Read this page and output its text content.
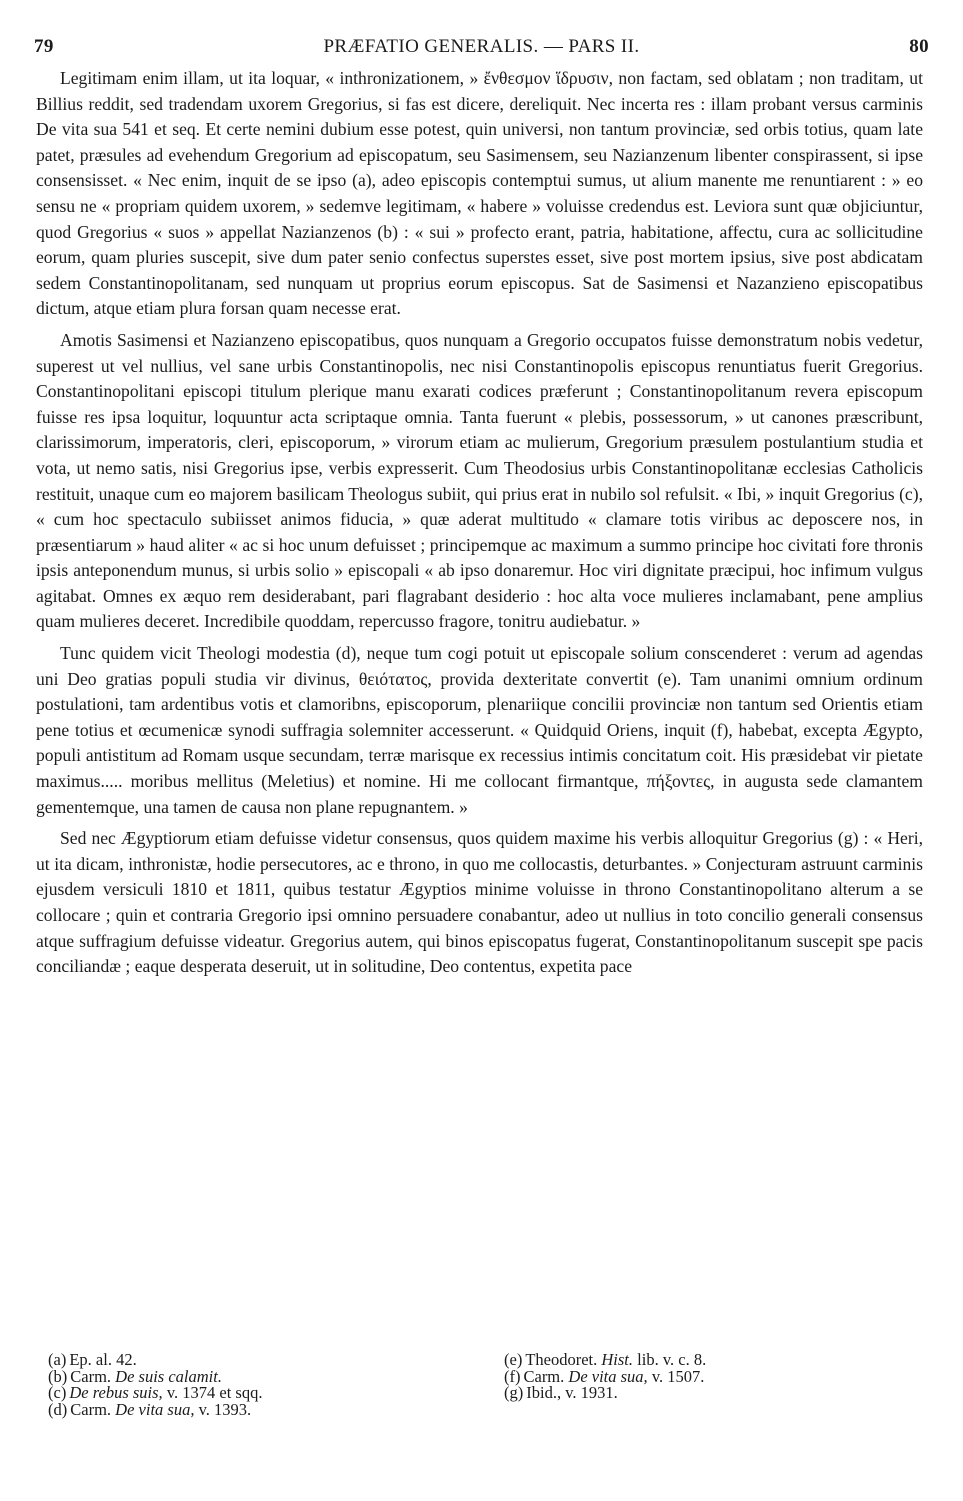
79	PRÆFATIO GENERALIS. — PARS II.	80

Legitimam enim illam, ut ita loquar, « inthronizationem, » ἔνθεσμον ἵδρυσιν, non factam, sed oblatam ; non traditam, ut Billius reddit, sed tradendam uxorem Gregorius, si fas est dicere, dereliquit. Nec incerta res : illam probant versus carminis De vita sua 541 et seq. Et certe nemini dubium esse potest, quin universi, non tantum provinciæ, sed orbis totius, quam late patet, præsules ad evehendum Gregorium ad episcopatum, seu Sasimensem, seu Nazianzenum libenter conspirassent, si ipse consensisset. « Nec enim, inquit de se ipso (a), adeo episcopis contemptui sumus, ut alium manente me renuntiarent : » eo sensu ne « propriam quidem uxorem, » sedemve legitimam, « habere » voluisse credendus est. Leviora sunt quæ objiciuntur, quod Gregorius « suos » appellat Nazianzenos (b) : « sui » profecto erant, patria, habitatione, affectu, cura ac sollicitudine eorum, quam pluries suscepit, sive dum pater senio confectus superstes esset, sive post mortem ipsius, sive post abdicatam sedem Constantinopolitanam, sed nunquam ut proprius eorum episcopus. Sat de Sasimensi et Nazanzieno episcopatibus dictum, atque etiam plura forsan quam necesse erat.

Amotis Sasimensi et Nazianzeno episcopatibus, quos nunquam a Gregorio occupatos fuisse demonstratum nobis vedetur, superest ut vel nullius, vel sane urbis Constantinopolis, nec nisi Constantinopolis episcopus renuntiatus fuerit Gregorius. Constantinopolitani episcopi titulum plerique manu exarati codices præferunt ; Constantinopolitanum revera episcopum fuisse res ipsa loquitur, loquuntur acta scriptaque omnia. Tanta fuerunt « plebis, possessorum, » ut canones præscribunt, clarissimorum, imperatoris, cleri, episcoporum, » virorum etiam ac mulierum, Gregorium præsulem postulantium studia et vota, ut nemo satis, nisi Gregorius ipse, verbis expresserit. Cum Theodosius urbis Constantinopolitanæ ecclesias Catholicis restituit, unaque cum eo majorem basilicam Theologus subiit, qui prius erat in nubilo sol refulsit. « Ibi, » inquit Gregorius (c), « cum hoc spectaculo subiisset animos fiducia, » quæ aderat multitudo « clamare totis viribus ac deposcere nos, in præsentiarum » haud aliter « ac si hoc unum defuisset ; principemque ac maximum a summo principe hoc civitati fore thronis ipsis anteponendum munus, si urbis solio » episcopali « ab ipso donaremur. Hoc viri dignitate præcipui, hoc infimum vulgus agitabat. Omnes ex æquo rem desiderabant, pari flagrabant desiderio : hoc alta voce mulieres inclamabant, pene amplius quam mulieres deceret. Incredibile quoddam, repercusso fragore, tonitru audiebatur. »

Tunc quidem vicit Theologi modestia (d), neque tum cogi potuit ut episcopale solium conscenderet : verum ad agendas uni Deo gratias populi studia vir divinus, θειότατος, provida dexteritate convertit (e). Tam unanimi omnium ordinum postulationi, tam ardentibus votis et clamoribns, episcoporum, plenariique concilii provinciæ non tantum sed Orientis etiam pene totius et œcumenicæ synodi suffragia solemniter accesserunt. « Quidquid Oriens, inquit (f), habebat, excepta Ægypto, populi antistitum ad Romam usque secundam, terræ marisque ex recessius intimis concitatum coit. His præsidebat vir pietate maximus..... moribus mellitus (Meletius) et nomine. Hi me collocant firmantque, πήξοντες, in augusta sede clamantem gementemque, una tamen de causa non plane repugnantem. »

Sed nec Ægyptiorum etiam defuisse videtur consensus, quos quidem maxime his verbis alloquitur Gregorius (g) : « Heri, ut ita dicam, inthronistæ, hodie persecutores, ac e throno, in quo me collocastis, deturbantes. » Conjecturam astruunt carminis ejusdem versiculi 1810 et 1811, quibus testatur Ægyptios minime voluisse in throno Constantinopolitano alterum a se collocare ; quin et contraria Gregorio ipsi omnino persuadere conabantur, adeo ut nullius in toto concilio generali consensus atque suffragium defuisse videatur. Gregorius autem, qui binos episcopatus fugerat, Constantinopolitanum suscepit spe pacis conciliandæ ; eaque desperata deseruit, ut in solitudine, Deo contentus, expetita pace

(a) Ep. al. 42.
(b) Carm. De suis calamit.
(c) De rebus suis, v. 1374 et sqq.
(d) Carm. De vita sua, v. 1393.
(e) Theodoret. Hist. lib. v. c. 8.
(f) Carm. De vita sua, v. 1507.
(g) Ibid., v. 1931.
